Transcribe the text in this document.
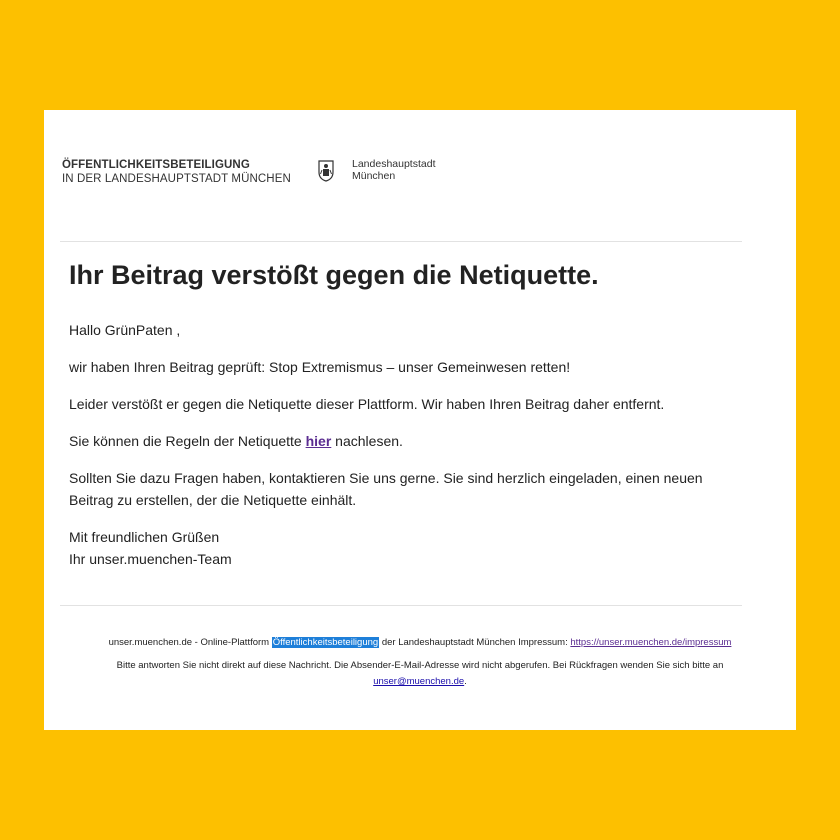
ÖFFENTLICHKEITSBETEILIGUNG
IN DER LANDESHAUPTSTADT MÜNCHEN
Landeshauptstadt
München
Ihr Beitrag verstößt gegen die Netiquette.

Hallo GrünPaten ,

wir haben Ihren Beitrag geprüft: Stop Extremismus – unser Gemeinwesen retten!

Leider verstößt er gegen die Netiquette dieser Plattform. Wir haben Ihren Beitrag daher entfernt.

Sie können die Regeln der Netiquette hier nachlesen.

Sollten Sie dazu Fragen haben, kontaktieren Sie uns gerne. Sie sind herzlich eingeladen, einen neuen Beitrag zu erstellen, der die Netiquette einhält.

Mit freundlichen Grüßen
Ihr unser.muenchen-Team

unser.muenchen.de - Online-Plattform Öffentlichkeitsbeteiligung der Landeshauptstadt München Impressum: https://unser.muenchen.de/impressum

Bitte antworten Sie nicht direkt auf diese Nachricht. Die Absender-E-Mail-Adresse wird nicht abgerufen. Bei Rückfragen wenden Sie sich bitte an
unser@muenchen.de.
